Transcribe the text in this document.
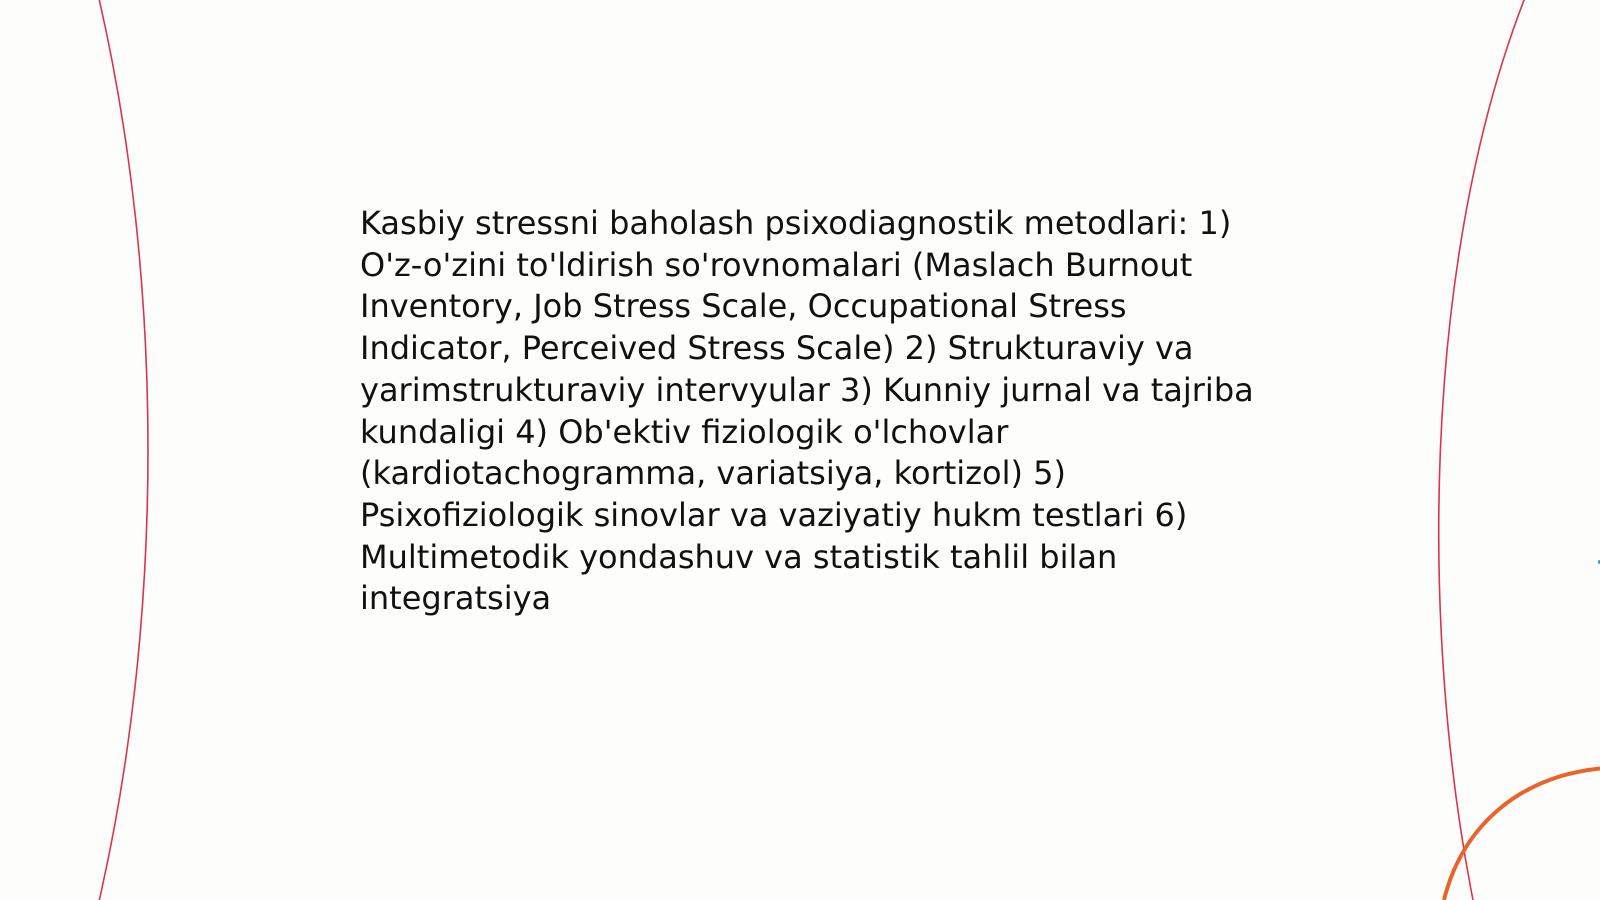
Kasbiy stressni baholash psixodiagnostik metodlari: 1) O'z-o'zini to'ldirish so'rovnomalari (Maslach Burnout Inventory, Job Stress Scale, Occupational Stress Indicator, Perceived Stress Scale) 2) Strukturaviy va yarimstrukturaviy intervyular 3) Kunniy jurnal va tajriba kundaligi 4) Ob'ektiv fiziologik o'lchovlar (kardiotachogramma, variatsiya, kortizol) 5) Psixofiziologik sinovlar va vaziyatiy hukm testlari 6) Multimetodik yondashuv va statistik tahlil bilan integratsiya
